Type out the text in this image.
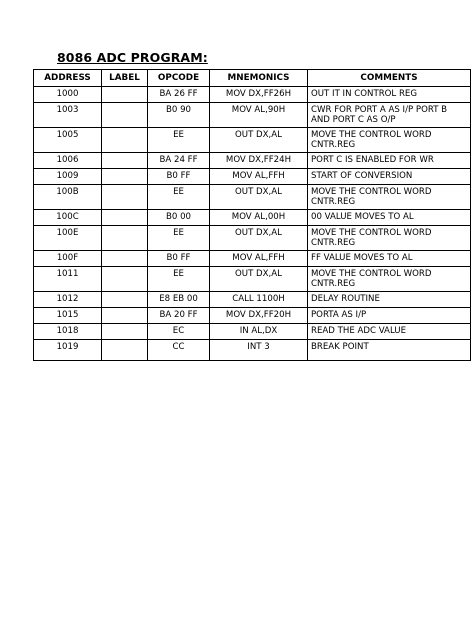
8086 ADC PROGRAM:
ADDRESS	LABEL	OPCODE	MNEMONICS	COMMENTS
1000		BA 26 FF	MOV DX,FF26H	OUT IT IN CONTROL REG
1003		B0 90	MOV AL,90H	CWR FOR PORT A AS I/P PORT B AND PORT C AS O/P
1005		EE	OUT DX,AL	MOVE THE CONTROL WORD CNTR.REG
1006		BA 24 FF	MOV DX,FF24H	PORT C IS ENABLED FOR WR
1009		B0 FF	MOV AL,FFH	START OF CONVERSION
100B		EE	OUT DX,AL	MOVE THE CONTROL WORD CNTR.REG
100C		B0 00	MOV AL,00H	00 VALUE MOVES TO AL
100E		EE	OUT DX,AL	MOVE THE CONTROL WORD CNTR.REG
100F		B0 FF	MOV AL,FFH	FF VALUE MOVES TO AL
1011		EE	OUT DX,AL	MOVE THE CONTROL WORD CNTR.REG
1012		E8 EB 00	CALL 1100H	DELAY ROUTINE
1015		BA 20 FF	MOV DX,FF20H	PORTA AS I/P
1018		EC	IN AL,DX	READ THE ADC VALUE
1019		CC	INT 3	BREAK POINT
